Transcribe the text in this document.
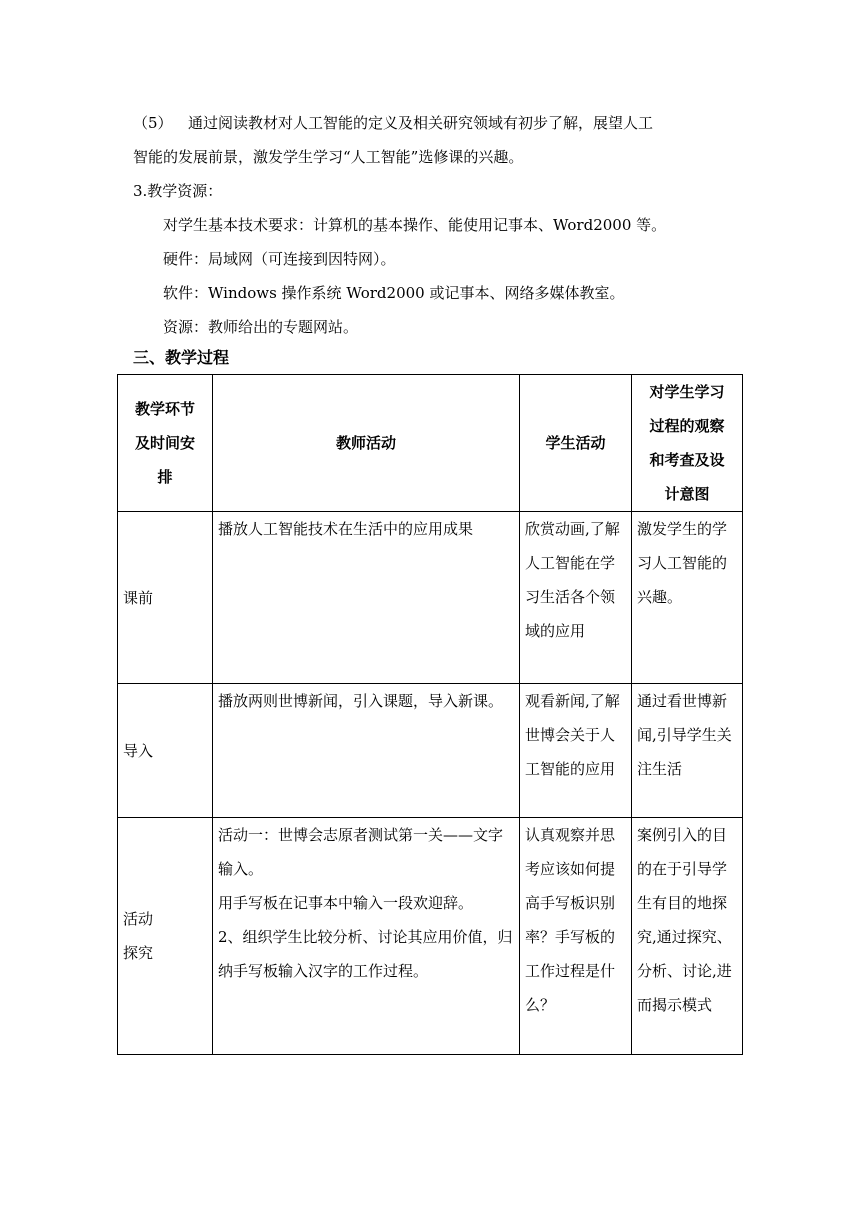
（5） 通过阅读教材对人工智能的定义及相关研究领域有初步了解，展望人工
智能的发展前景，激发学生学习“人工智能”选修课的兴趣。
3.教学资源：
对学生基本技术要求：计算机的基本操作、能使用记事本、Word2000 等。
硬件：局域网（可连接到因特网）。
软件：Windows 操作系统 Word2000 或记事本、网络多媒体教室。
资源：教师给出的专题网站。
三、教学过程
教学环节
及时间安
排	教师活动	学生活动	对学生学习
过程的观察
和考查及设
计意图

课前	播放人工智能技术在生活中的应用成果	欣赏动画,了解人工智能在学习生活各个领域的应用	激发学生的学习人工智能的兴趣。
导入	播放两则世博新闻，引入课题，导入新课。	观看新闻,了解世博会关于人工智能的应用	通过看世博新闻,引导学生关注生活

活动
探究	活动一：世博会志原者测试第一关——文字输入。
用手写板在记事本中输入一段欢迎辞。
2、组织学生比较分析、讨论其应用价值，归纳手写板输入汉字的工作过程。	认真观察并思考应该如何提高手写板识别率？手写板的工作过程是什么？	案例引入的目的在于引导学生有目的地探究,通过探究、分析、讨论,进而揭示模式
